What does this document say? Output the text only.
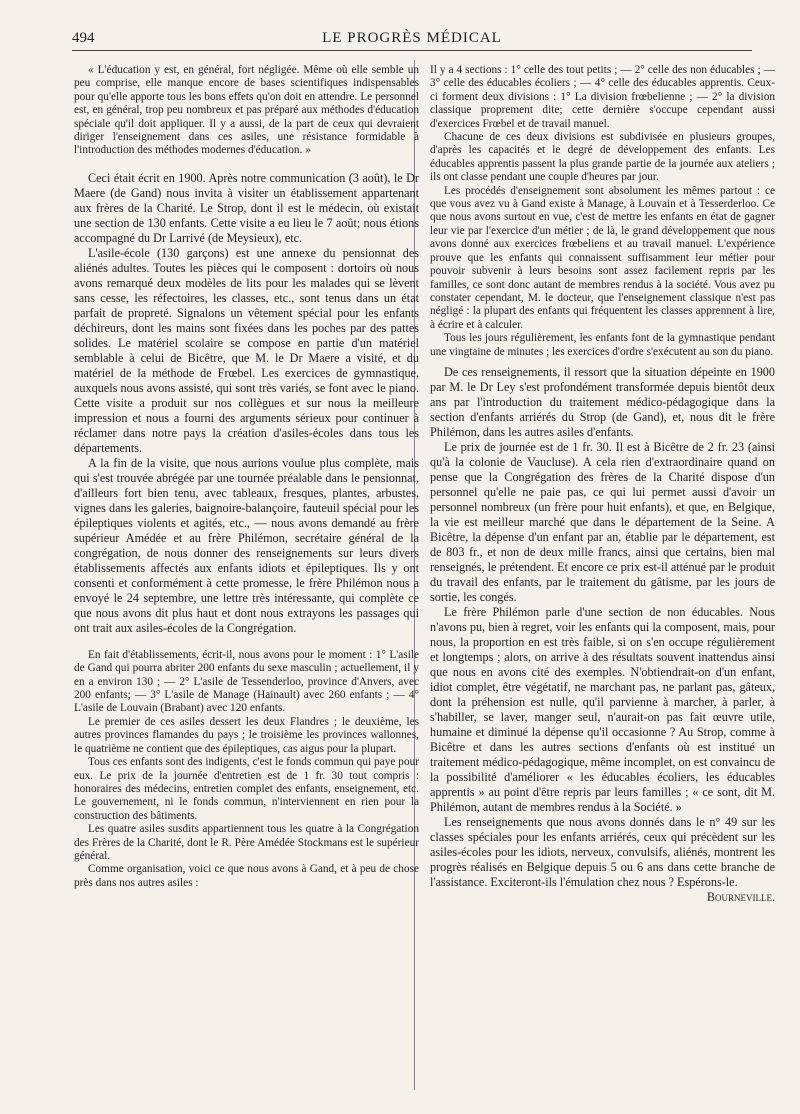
494	LE PROGRÈS MÉDICAL

« L'éducation y est, en général, fort négligée. Même où elle semble un peu comprise, elle manque encore de bases scientifiques indispensables pour qu'elle apporte tous les bons effets qu'on doit en attendre. Le personnel est, en général, trop peu nombreux et pas préparé aux méthodes d'éducation spéciale qu'il doit appliquer. Il y a aussi, de la part de ceux qui devraient diriger l'enseignement dans ces asiles, une résistance formidable à l'introduction des méthodes modernes d'éducation. »

Ceci était écrit en 1900. Après notre communication (3 août), le Dr Maere (de Gand) nous invita à visiter un établissement appartenant aux frères de la Charité. Le Strop, dont il est le médecin, où existait une section de 130 enfants. Cette visite a eu lieu le 7 août; nous étions accompagné du Dr Larrivé (de Meysieux), etc.

L'asile-école (130 garçons) est une annexe du pensionnat des aliénés adultes. Toutes les pièces qui le composent : dortoirs où nous avons remarqué deux modèles de lits pour les malades qui se lèvent sans cesse, les réfectoires, les classes, etc., sont tenus dans un état parfait de propreté. Signalons un vêtement spécial pour les enfants déchireurs, dont les mains sont fixées dans les poches par des pattes solides. Le matériel scolaire se compose en partie d'un matériel semblable à celui de Bicêtre, que M. le Dr Maere a visité, et du matériel de la méthode de Frœbel. Les exercices de gymnastique, auxquels nous avons assisté, qui sont très variés, se font avec le piano. Cette visite a produit sur nos collègues et sur nous la meilleure impression et nous a fourni des arguments sérieux pour continuer à réclamer dans notre pays la création d'asiles-écoles dans tous les départements.

A la fin de la visite, que nous aurions voulue plus complète, mais qui s'est trouvée abrégée par une tournée préalable dans le pensionnat, d'ailleurs fort bien tenu, avec tableaux, fresques, plantes, arbustes, vignes dans les galeries, baignoire-balançoire, fauteuil spécial pour les épileptiques violents et agités, etc., — nous avons demandé au frère supérieur Amédée et au frère Philémon, secrétaire général de la congrégation, de nous donner des renseignements sur leurs divers établissements affectés aux enfants idiots et épileptiques. Ils y ont consenti et conformément à cette promesse, le frère Philémon nous a envoyé le 24 septembre, une lettre très intéressante, qui complète ce que nous avons dit plus haut et dont nous extrayons les passages qui ont trait aux asiles-écoles de la Congrégation.

En fait d'établissements, écrit-il, nous avons pour le moment : 1° L'asile de Gand qui pourra abriter 200 enfants du sexe masculin ; actuellement, il y en a environ 130 ; — 2° L'asile de Tessenderloo, province d'Anvers, avec 200 enfants; — 3° L'asile de Manage (Hainault) avec 260 enfants ; — 4° L'asile de Louvain (Brabant) avec 120 enfants.

Le premier de ces asiles dessert les deux Flandres ; le deuxième, les autres provinces flamandes du pays ; le troisième les provinces wallonnes, le quatrième ne contient que des épileptiques, cas aigus pour la plupart.

Tous ces enfants sont des indigents, c'est le fonds commun qui paye pour eux. Le prix de la journée d'entretien est de 1 fr. 30 tout compris : honoraires des médecins, entretien complet des enfants, enseignement, etc. Le gouvernement, ni le fonds commun, n'interviennent en rien pour la construction des bâtiments.

Les quatre asiles susdits appartiennent tous les quatre à la Congrégation des Frères de la Charité, dont le R. Père Amédée Stockmans est le supérieur général.

Comme organisation, voici ce que nous avons à Gand, et à peu de chose près dans nos autres asiles :

Il y a 4 sections : 1° celle des tout petits ; — 2° celle des non éducables ; — 3° celle des éducables écoliers ; — 4° celle des éducables apprentis. Ceux-ci forment deux divisions : 1° La division frœbelienne ; — 2° la division classique proprement dite; cette dernière s'occupe cependant aussi d'exercices Frœbel et de travail manuel.

Chacune de ces deux divisions est subdivisée en plusieurs groupes, d'après les capacités et le degré de développement des enfants. Les éducables apprentis passent la plus grande partie de la journée aux ateliers ; ils ont classe pendant une couple d'heures par jour.

Les procédés d'enseignement sont absolument les mêmes partout : ce que vous avez vu à Gand existe à Manage, à Louvain et à Tesserderloo. Ce que nous avons surtout en vue, c'est de mettre les enfants en état de gagner leur vie par l'exercice d'un métier ; de là, le grand développement que nous avons donné aux exercices frœbeliens et au travail manuel. L'expérience prouve que les enfants qui connaissent suffisamment leur métier pour pouvoir subvenir à leurs besoins sont assez facilement repris par les familles, ce sont donc autant de membres rendus à la société. Vous avez pu constater cependant, M. le docteur, que l'enseignement classique n'est pas négligé : la plupart des enfants qui fréquentent les classes apprennent à lire, à écrire et à calculer.

Tous les jours régulièrement, les enfants font de la gymnastique pendant une vingtaine de minutes ; les exercices d'ordre s'exécutent au son du piano.

De ces renseignements, il ressort que la situation dépeinte en 1900 par M. le Dr Ley s'est profondément transformée depuis bientôt deux ans par l'introduction du traitement médico-pédagogique dans la section d'enfants arriérés du Strop (de Gand), et, nous dit le frère Philémon, dans les autres asiles d'enfants.

Le prix de journée est de 1 fr. 30. Il est à Bicêtre de 2 fr. 23 (ainsi qu'à la colonie de Vaucluse). A cela rien d'extraordinaire quand on pense que la Congrégation des frères de la Charité dispose d'un personnel qu'elle ne paie pas, ce qui lui permet aussi d'avoir un personnel nombreux (un frère pour huit enfants), et que, en Belgique, la vie est meilleur marché que dans le département de la Seine. A Bicêtre, la dépense d'un enfant par an, établie par le département, est de 803 fr., et non de deux mille francs, ainsi que certains, bien mal renseignés, le prétendent. Et encore ce prix est-il atténué par le produit du travail des enfants, par le traitement du gâtisme, par les jours de sortie, les congés.

Le frère Philémon parle d'une section de non éducables. Nous n'avons pu, bien à regret, voir les enfants qui la composent, mais, pour nous, la proportion en est très faible, si on s'en occupe régulièrement et longtemps ; alors, on arrive à des résultats souvent inattendus ainsi que nous en avons cité des exemples. N'obtiendrait-on d'un enfant, idiot complet, être végétatif, ne marchant pas, ne parlant pas, gâteux, dont la préhension est nulle, qu'il parvienne à marcher, à parler, à s'habiller, se laver, manger seul, n'aurait-on pas fait œuvre utile, humaine et diminué la dépense qu'il occasionne ? Au Strop, comme à Bicêtre et dans les autres sections d'enfants où est institué un traitement médico-pédagogique, même incomplet, on est convaincu de la possibilité d'améliorer « les éducables écoliers, les éducables apprentis » au point d'être repris par leurs familles ; « ce sont, dit M. Philémon, autant de membres rendus à la Société. »

Les renseignements que nous avons donnés dans le n° 49 sur les classes spéciales pour les enfants arriérés, ceux qui précèdent sur les asiles-écoles pour les idiots, nerveux, convulsifs, aliénés, montrent les progrès réalisés en Belgique depuis 5 ou 6 ans dans cette branche de l'assistance. Exciteront-ils l'émulation chez nous ? Espérons-le.
Bourneville.
